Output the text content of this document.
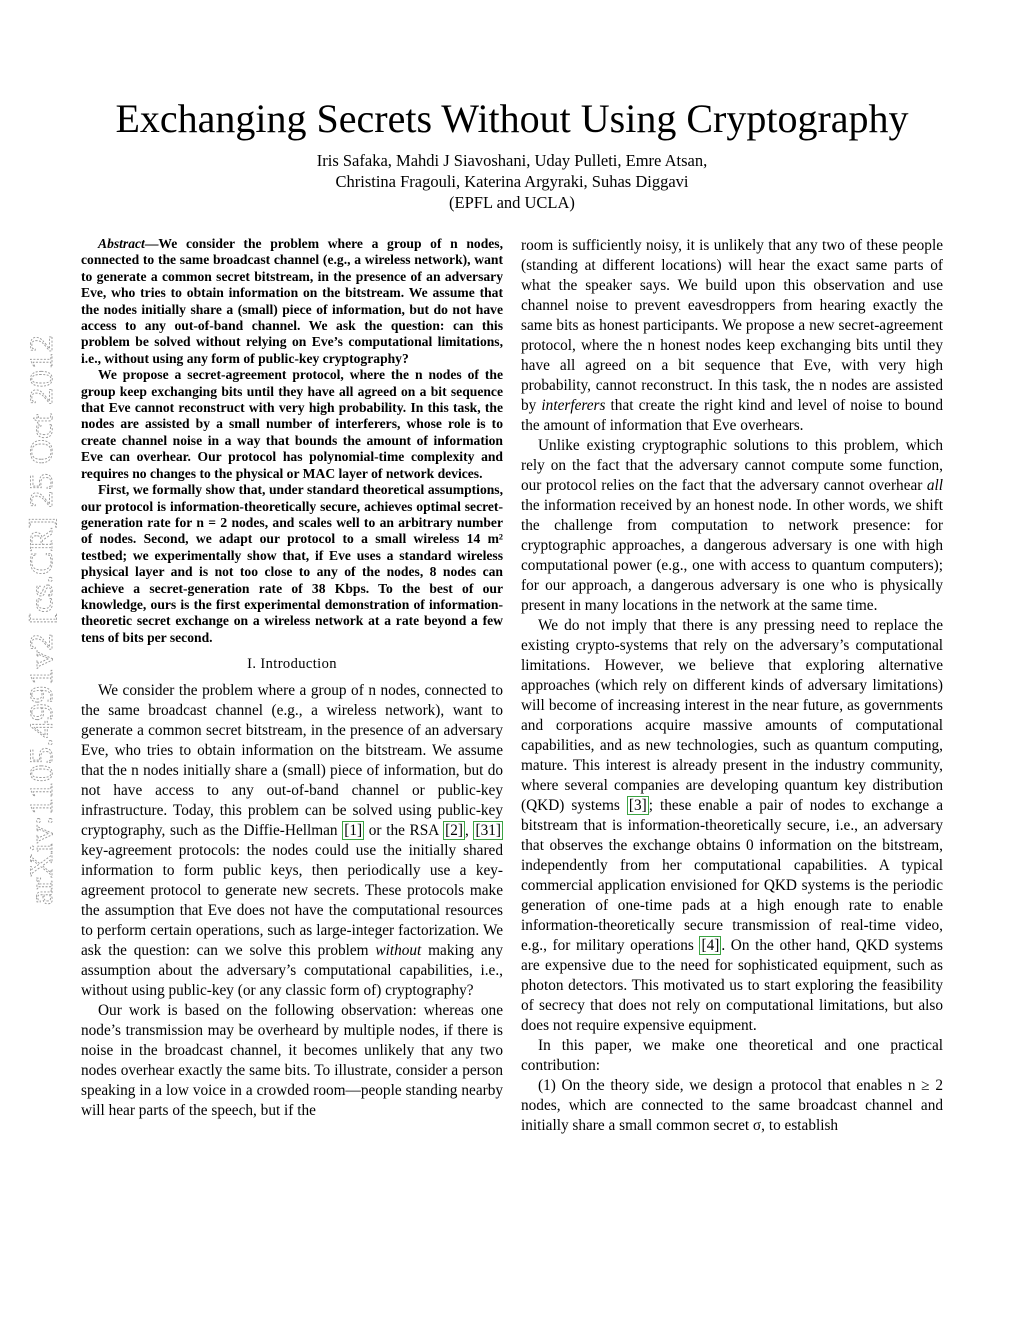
arXiv:1105.4991v2 [cs.CR] 25 Oct 2012
Exchanging Secrets Without Using Cryptography
Iris Safaka, Mahdi J Siavoshani, Uday Pulleti, Emre Atsan,
Christina Fragouli, Katerina Argyraki, Suhas Diggavi
(EPFL and UCLA)

Abstract—We consider the problem where a group of n nodes, connected to the same broadcast channel (e.g., a wireless network), want to generate a common secret bitstream, in the presence of an adversary Eve, who tries to obtain information on the bitstream. We assume that the nodes initially share a (small) piece of information, but do not have access to any out-of-band channel. We ask the question: can this problem be solved without relying on Eve’s computational limitations, i.e., without using any form of public-key cryptography?

We propose a secret-agreement protocol, where the n nodes of the group keep exchanging bits until they have all agreed on a bit sequence that Eve cannot reconstruct with very high probability. In this task, the nodes are assisted by a small number of interferers, whose role is to create channel noise in a way that bounds the amount of information Eve can overhear. Our protocol has polynomial-time complexity and requires no changes to the physical or MAC layer of network devices.

First, we formally show that, under standard theoretical assumptions, our protocol is information-theoretically secure, achieves optimal secret-generation rate for n = 2 nodes, and scales well to an arbitrary number of nodes. Second, we adapt our protocol to a small wireless 14 m² testbed; we experimentally show that, if Eve uses a standard wireless physical layer and is not too close to any of the nodes, 8 nodes can achieve a secret-generation rate of 38 Kbps. To the best of our knowledge, ours is the first experimental demonstration of information-theoretic secret exchange on a wireless network at a rate beyond a few tens of bits per second.

I. Introduction

We consider the problem where a group of n nodes, connected to the same broadcast channel (e.g., a wireless network), want to generate a common secret bitstream, in the presence of an adversary Eve, who tries to obtain information on the bitstream. We assume that the n nodes initially share a (small) piece of information, but do not have access to any out-of-band channel or public-key infrastructure. Today, this problem can be solved using public-key cryptography, such as the Diffie-Hellman [1] or the RSA [2] , [31] key-agreement protocols: the nodes could use the initially shared information to form public keys, then periodically use a key-agreement protocol to generate new secrets. These protocols make the assumption that Eve does not have the computational resources to perform certain operations, such as large-integer factorization. We ask the question: can we solve this problem without making any assumption about the adversary’s computational capabilities, i.e., without using public-key (or any classic form of) cryptography?

Our work is based on the following observation: whereas one node’s transmission may be overheard by multiple nodes, if there is noise in the broadcast channel, it becomes unlikely that any two nodes overhear exactly the same bits. To illustrate, consider a person speaking in a low voice in a crowded room—people standing nearby will hear parts of the speech, but if the

room is sufficiently noisy, it is unlikely that any two of these people (standing at different locations) will hear the exact same parts of what the speaker says. We build upon this observation and use channel noise to prevent eavesdroppers from hearing exactly the same bits as honest participants. We propose a new secret-agreement protocol, where the n honest nodes keep exchanging bits until they have all agreed on a bit sequence that Eve, with very high probability, cannot reconstruct. In this task, the n nodes are assisted by interferers that create the right kind and level of noise to bound the amount of information that Eve overhears.

Unlike existing cryptographic solutions to this problem, which rely on the fact that the adversary cannot compute some function, our protocol relies on the fact that the adversary cannot overhear all the information received by an honest node. In other words, we shift the challenge from computation to network presence: for cryptographic approaches, a dangerous adversary is one with high computational power (e.g., one with access to quantum computers); for our approach, a dangerous adversary is one who is physically present in many locations in the network at the same time.

We do not imply that there is any pressing need to replace the existing crypto-systems that rely on the adversary’s computational limitations. However, we believe that exploring alternative approaches (which rely on different kinds of adversary limitations) will become of increasing interest in the near future, as governments and corporations acquire massive amounts of computational capabilities, and as new technologies, such as quantum computing, mature. This interest is already present in the industry community, where several companies are developing quantum key distribution (QKD) systems [3] ; these enable a pair of nodes to exchange a bitstream that is information-theoretically secure, i.e., an adversary that observes the exchange obtains 0 information on the bitstream, independently from her computational capabilities. A typical commercial application envisioned for QKD systems is the periodic generation of one-time pads at a high enough rate to enable information-theoretically secure transmission of real-time video, e.g., for military operations [4] . On the other hand, QKD systems are expensive due to the need for sophisticated equipment, such as photon detectors. This motivated us to start exploring the feasibility of secrecy that does not rely on computational limitations, but also does not require expensive equipment.

In this paper, we make one theoretical and one practical contribution:

(1) On the theory side, we design a protocol that enables n ≥ 2 nodes, which are connected to the same broadcast channel and initially share a small common secret σ, to establish
